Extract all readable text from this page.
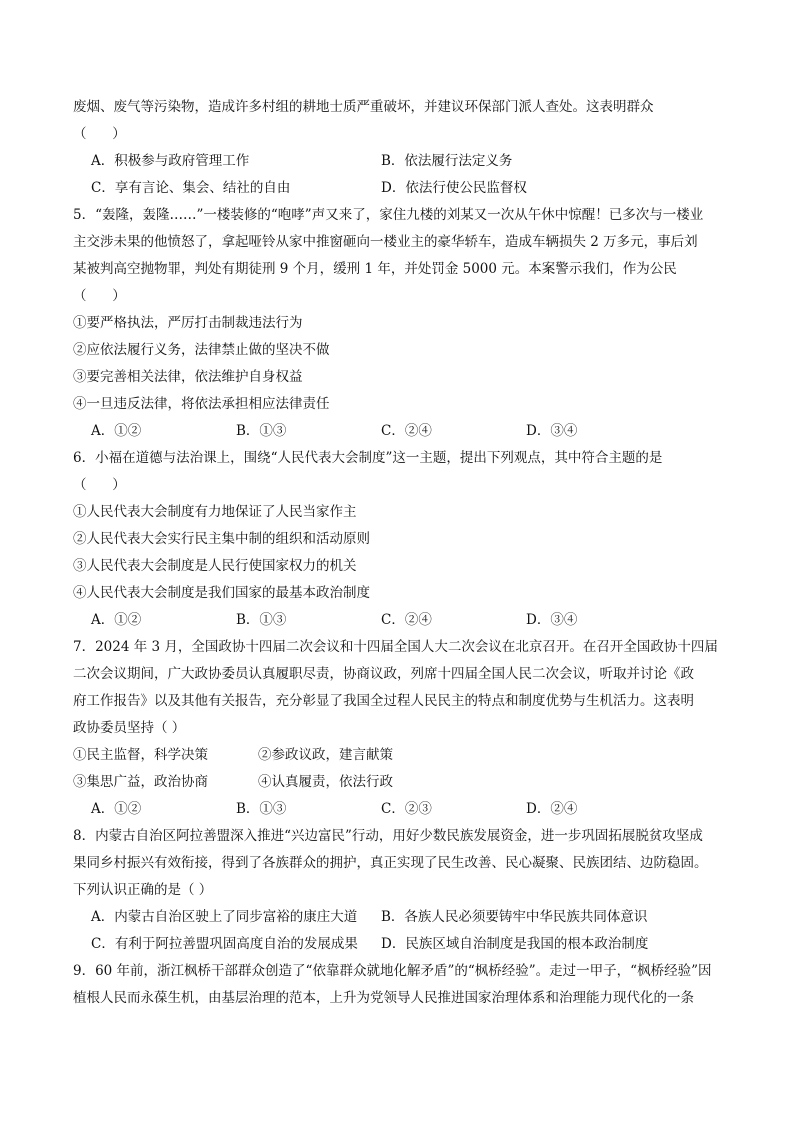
废烟、废气等污染物，造成许多村组的耕地士质严重破坏，并建议环保部门派人查处。这表明群众
（      ）
A．积极参与政府管理工作	B．依法履行法定义务
C．享有言论、集会、结社的自由	D．依法行使公民监督权
5．“轰隆，轰隆……”一楼装修的“咆哮”声又来了，家住九楼的刘某又一次从午休中惊醒！已多次与一楼业
主交涉未果的他愤怒了，拿起哑铃从家中推窗砸向一楼业主的豪华轿车，造成车辆损失 2 万多元，事后刘
某被判高空抛物罪，判处有期徒刑 9 个月，缓刑 1 年，并处罚金 5000 元。本案警示我们，作为公民
（      ）
①要严格执法，严厉打击制裁违法行为
②应依法履行义务，法律禁止做的坚决不做
③要完善相关法律，依法维护自身权益
④一旦违反法律，将依法承担相应法律责任
A．①②	B．①③	C．②④	D．③④
6．小福在道德与法治课上，围绕“人民代表大会制度”这一主题，提出下列观点，其中符合主题的是
（      ）
①人民代表大会制度有力地保证了人民当家作主
②人民代表大会实行民主集中制的组织和活动原则
③人民代表大会制度是人民行使国家权力的机关
④人民代表大会制度是我们国家的最基本政治制度
A．①②	B．①③	C．②④	D．③④
7．2024 年 3 月，全国政协十四届二次会议和十四届全国人大二次会议在北京召开。在召开全国政协十四届
二次会议期间，广大政协委员认真履职尽责，协商议政，列席十四届全国人民二次会议，听取并讨论《政
府工作报告》以及其他有关报告，充分彰显了我国全过程人民民主的特点和制度优势与生机活力。这表明
政协委员坚持（ ）
①民主监督，科学决策	②参政议政，建言献策
③集思广益，政治协商	④认真履责，依法行政
A．①②	B．①③	C．②③	D．②④
8．内蒙古自治区阿拉善盟深入推进“兴边富民”行动，用好少数民族发展资金，进一步巩固拓展脱贫攻坚成
果同乡村振兴有效衔接，得到了各族群众的拥护，真正实现了民生改善、民心凝聚、民族团结、边防稳固。
下列认识正确的是（ ）
A．内蒙古自治区驶上了同步富裕的康庄大道	B．各族人民必须要铸牢中华民族共同体意识
C．有利于阿拉善盟巩固高度自治的发展成果	D．民族区域自治制度是我国的根本政治制度
9．60 年前，浙江枫桥干部群众创造了“依靠群众就地化解矛盾”的“枫桥经验”。走过一甲子，“枫桥经验”因
植根人民而永葆生机，由基层治理的范本，上升为党领导人民推进国家治理体系和治理能力现代化的一条
